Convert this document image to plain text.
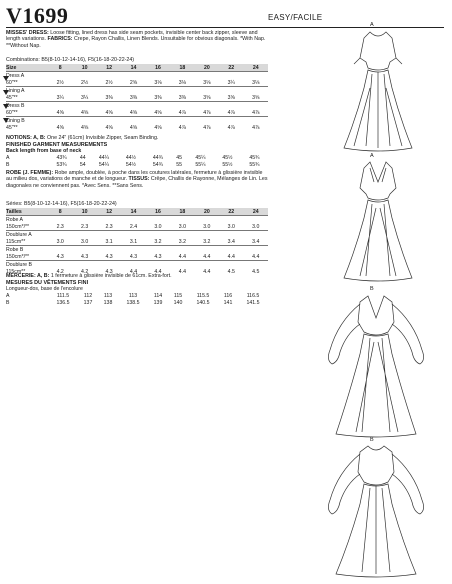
V1699	EASY/FACILE
MISSES' DRESS: Loose fitting, lined dress has side seam pockets, invisible center back zipper, sleeve and length variations. FABRICS: Crepe, Rayon Challis, Linen Blends. Unsuitable for obvious diagonals. *With Nap. **Without Nap.
Combinations: B5(8-10-12-14-16), F5(16-18-20-22-24)
Size	8	10	12	14	16	18	20	22	24
Dress A									
60"**	2½	2½	2½	2⅝	3⅛	3⅛	3⅛	3¼	3⅛
Lining A									
45"**	3¼	3¼	3⅜	3⅜	3⅜	3⅜	3⅝	3⅝	3⅝
Dress B									
60"**	4⅝	4⅝	4⅝	4⅝	4⅝	4⅞	4⅞	4⅞	4⅞
Lining B									
45"**	4⅝	4⅝	4⅝	4⅝	4⅝	4⅞	4⅞	4⅞	4⅞
NOTIONS: A, B: One 24" (61cm) Invisible Zipper, Seam Binding.
FINISHED GARMENT MEASUREMENTS
Back length from base of neck
A	43¾	44	44¼	44½	44¾	45	45¼	45½	45¾
B	53¾	54	54¼	54½	54¾	55	55¼	55½	55¾
ROBE (J. FEMME): Robe ample, doublée, à poche dans les coutures latérales, fermeture à glissière invisible au milieu dos, variations de manche et de longueur. TISSUS: Crêpe, Challis de Rayonne, Mélanges de Lin. Les diagonales ne conviennent pas. *Avec Sens. **Sans Sens.
Séries: B5(8-10-12-14-16), F5(16-18-20-22-24)
Tailles	8	10	12	14	16	18	20	22	24
Robe A									
150cm*/**	2.3	2.3	2.3	2.4	3.0	3.0	3.0	3.0	3.0
Doublure A									
115cm**	3.0	3.0	3.1	3.1	3.2	3.2	3.2	3.4	3.4
Robe B									
150cm*/**	4.3	4.3	4.3	4.3	4.3	4.4	4.4	4.4	4.4
Doublure B									
115cm**	4.2	4.2	4.3	4.4	4.4	4.4	4.4	4.5	4.5
MERCERIE: A, B: 1 fermeture à glissière invisible de 61cm. Extra-fort.
MESURES DU VÊTEMENTS FINI
Longueur-dos, base de l'encolure
A	111.5	112	113	113	114	115	115.5	116	116.5
B	136.5	137	138	138.5	139	140	140.5	141	141.5
A
A
B
B
